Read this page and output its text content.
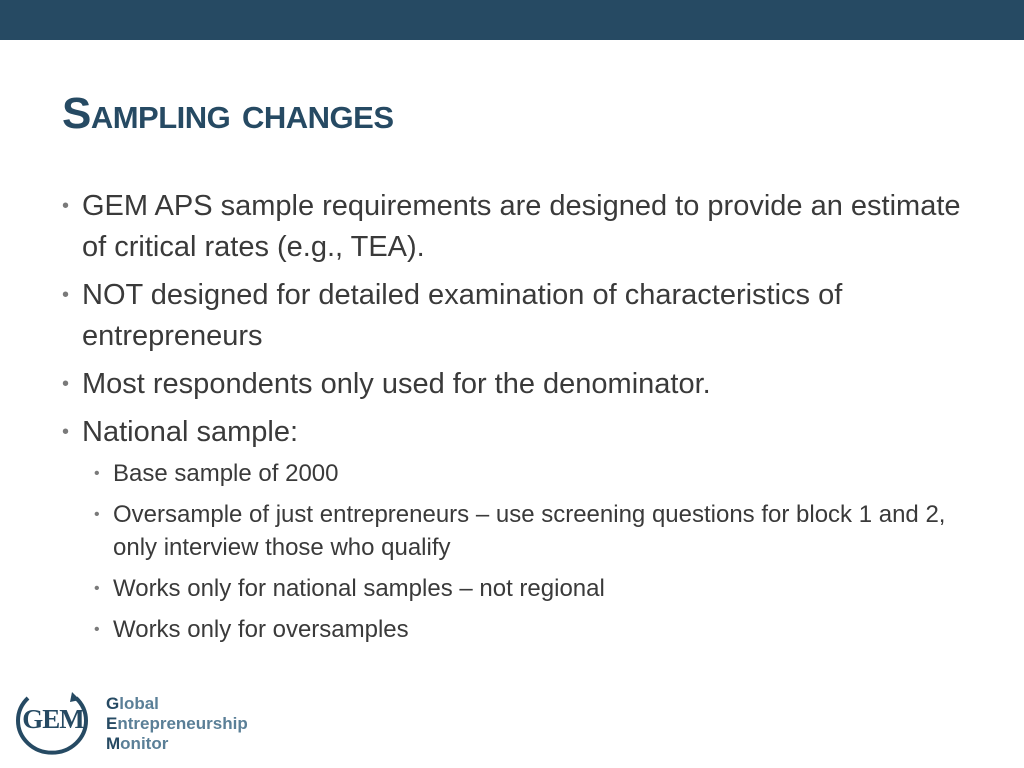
Sampling changes
• GEM APS sample requirements are designed to provide an estimate of critical rates (e.g., TEA).
• NOT designed for detailed examination of characteristics of entrepreneurs
• Most respondents only used for the denominator.
• National sample:
• Base sample of 2000
• Oversample of just entrepreneurs – use screening questions for block 1 and 2, only interview those who qualify
• Works only for national samples – not regional
• Works only for oversamples
GEM
Global
Entrepreneurship
Monitor
